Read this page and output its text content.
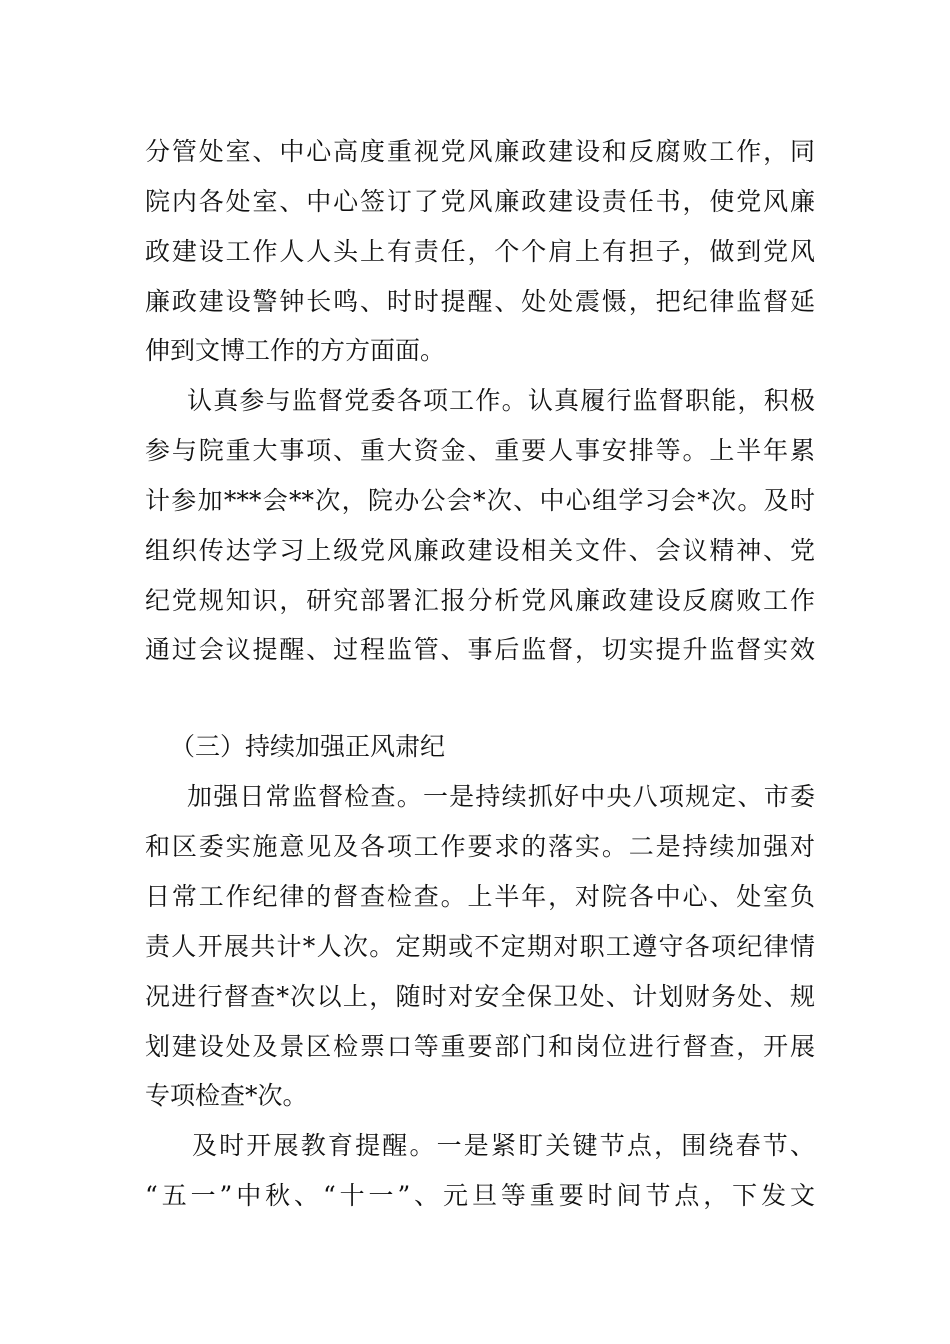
分管处室、中心高度重视党风廉政建设和反腐败工作，同
院内各处室、中心签订了党风廉政建设责任书，使党风廉
政建设工作人人头上有责任，个个肩上有担子，做到党风
廉政建设警钟长鸣、时时提醒、处处震慑，把纪律监督延
伸到文博工作的方方面面。
认真参与监督党委各项工作。认真履行监督职能，积极
参与院重大事项、重大资金、重要人事安排等。上半年累
计参加***会**次，院办公会*次、中心组学习会*次。及时
组织传达学习上级党风廉政建设相关文件、会议精神、党
纪党规知识，研究部署汇报分析党风廉政建设反腐败工作
通过会议提醒、过程监管、事后监督，切实提升监督实效
（三）持续加强正风肃纪
加强日常监督检查。一是持续抓好中央八项规定、市委
和区委实施意见及各项工作要求的落实。二是持续加强对
日常工作纪律的督查检查。上半年，对院各中心、处室负
责人开展共计*人次。定期或不定期对职工遵守各项纪律情
况进行督查*次以上，随时对安全保卫处、计划财务处、规
划建设处及景区检票口等重要部门和岗位进行督查，开展
专项检查*次。
及时开展教育提醒。一是紧盯关键节点，围绕春节、
“五一”中秋、“十一”、元旦等重要时间节点，下发文
